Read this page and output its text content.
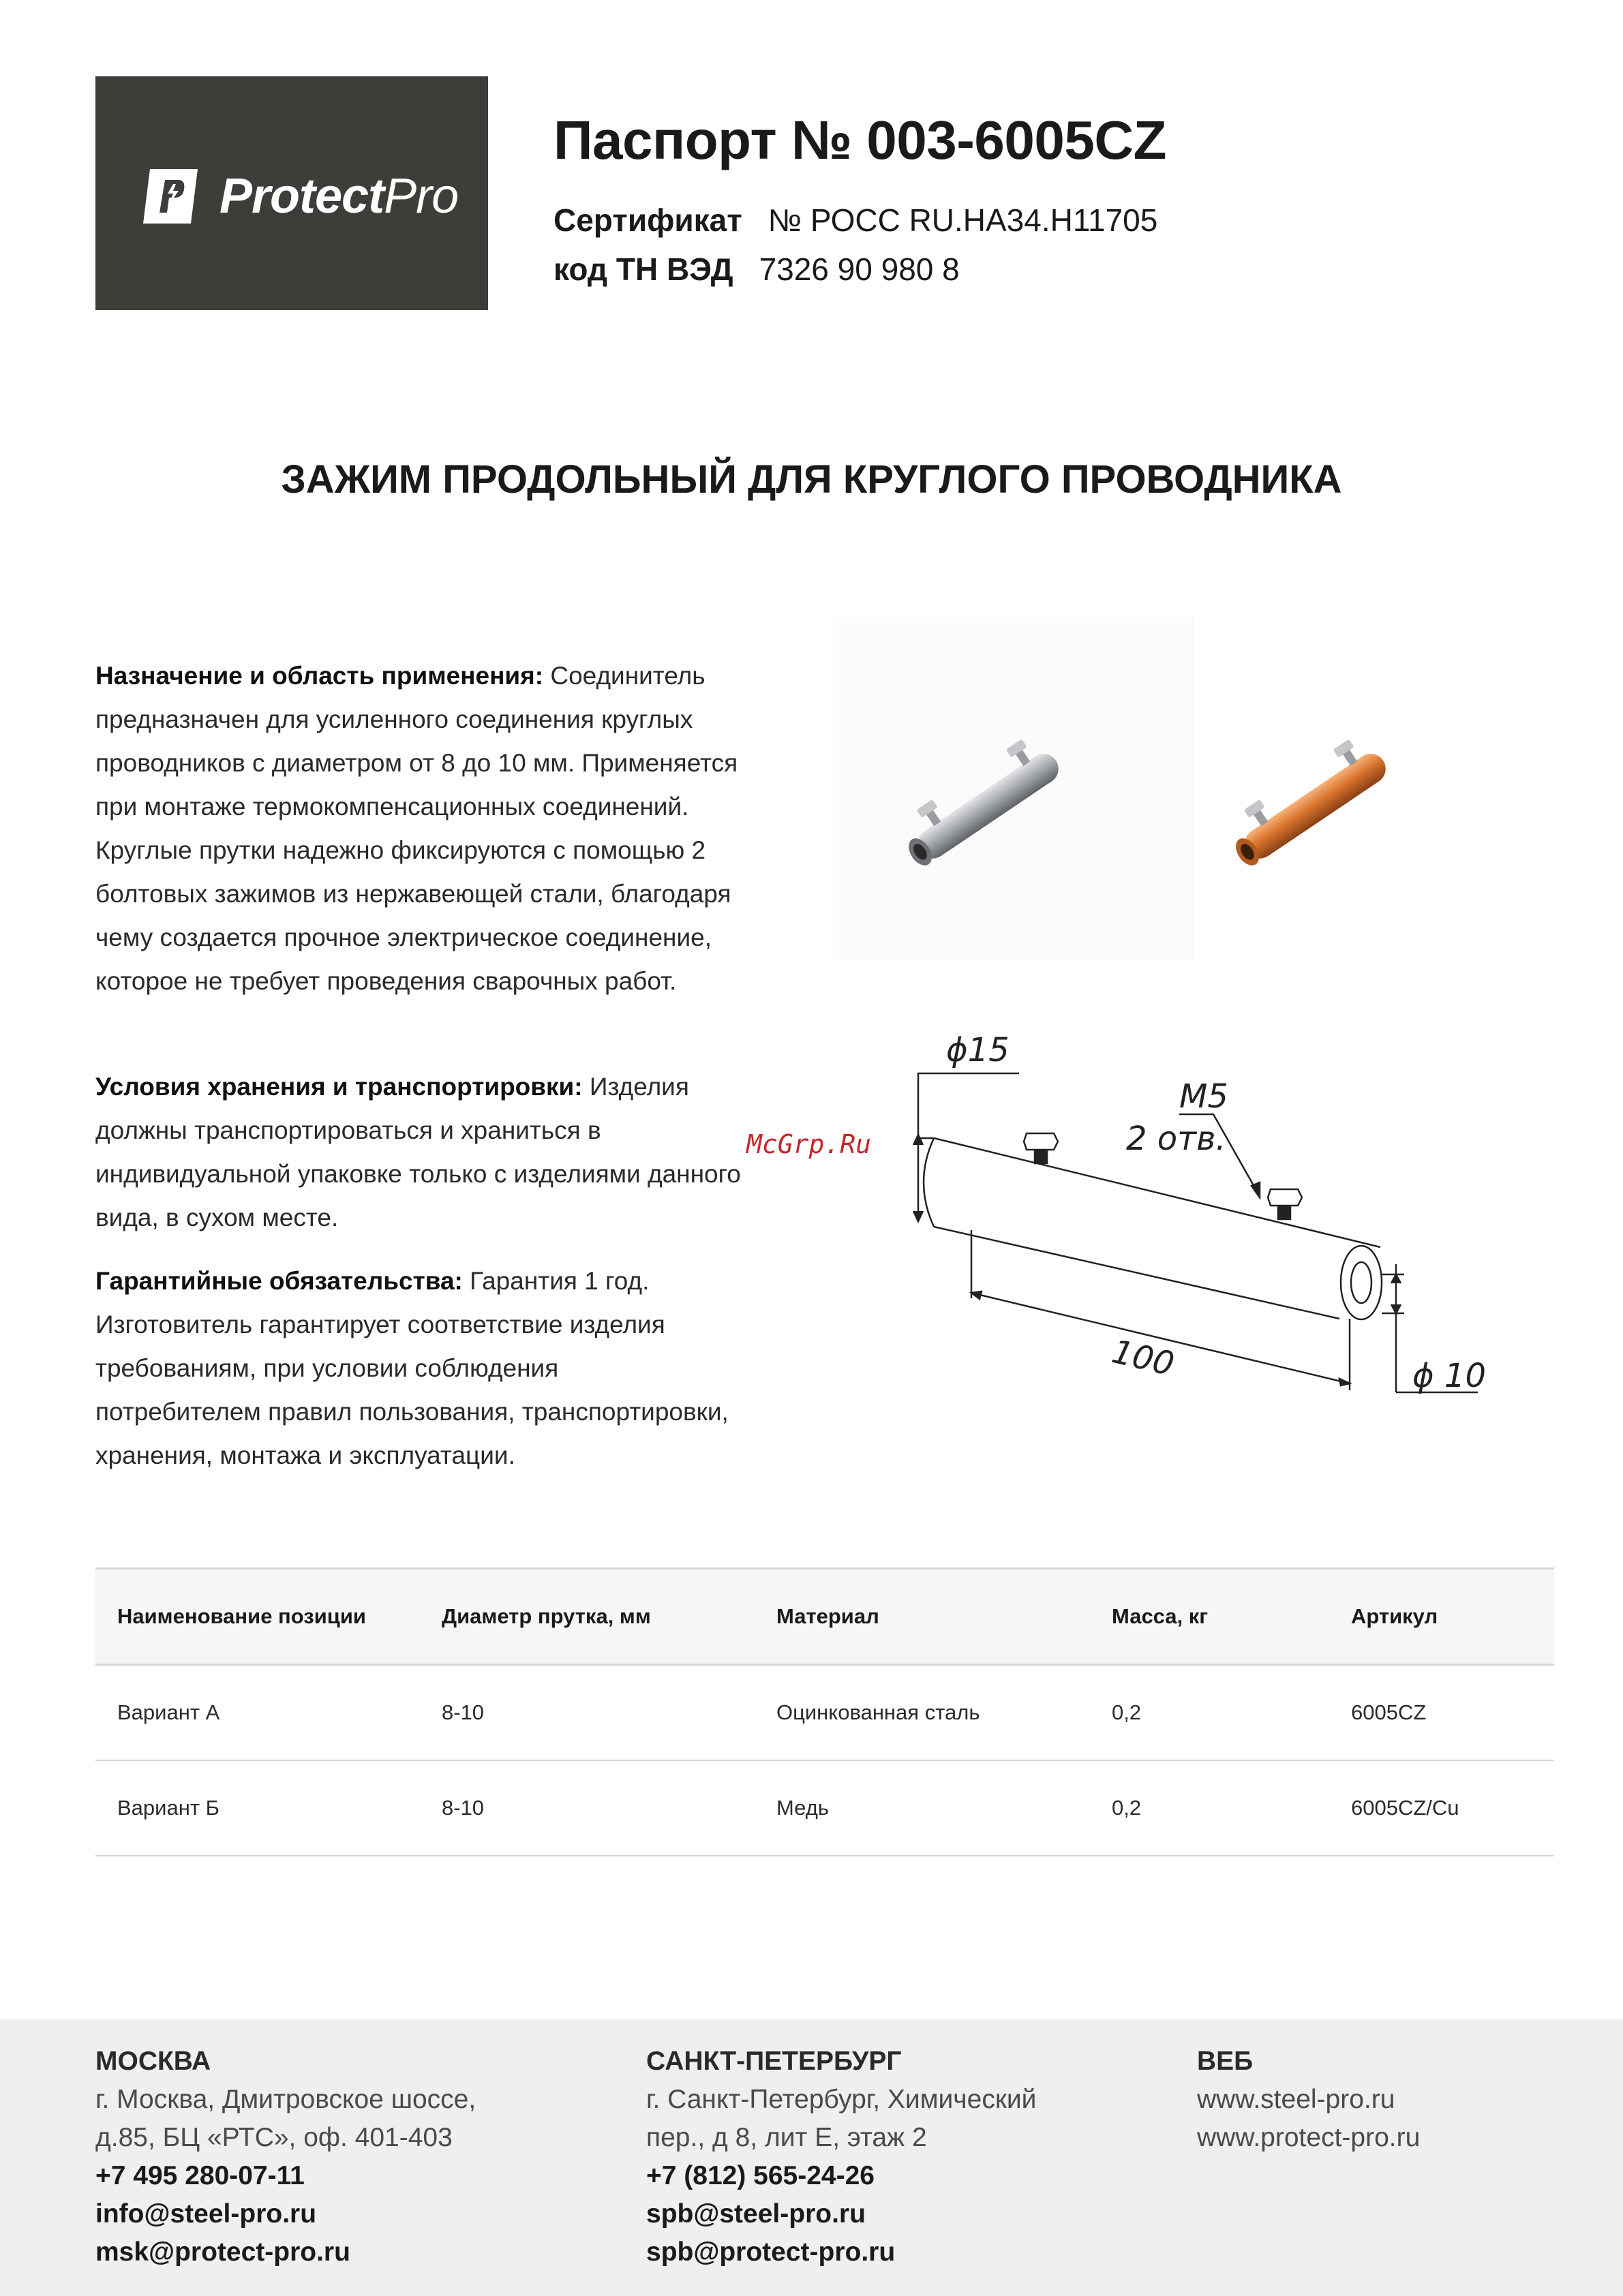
ProtectPro
Паспорт № 003-6005CZ
Сертификат № РОСС RU.HA34.H11705
код ТН ВЭД 7326 90 980 8
ЗАЖИМ ПРОДОЛЬНЫЙ ДЛЯ КРУГЛОГО ПРОВОДНИКА
Назначение и область применения: Соединитель предназначен для усиленного соединения круглых проводников с диаметром от 8 до 10 мм. Применяется при монтаже термокомпенсационных соединений. Круглые прутки надежно фиксируются с помощью 2 болтовых зажимов из нержавеющей стали, благодаря чему создается прочное электрическое соединение, которое не требует проведения сварочных работ.
Условия хранения и транспортировки: Изделия должны транспортироваться и храниться в индивидуальной упаковке только с изделиями данного вида, в сухом месте.
Гарантийные обязательства: Гарантия 1 год. Изготовитель гарантирует соответствие изделия требованиям, при условии соблюдения потребителем правил пользования, транспортировки, хранения, монтажа и эксплуатации.
ϕ15
M5
2 отв.
100	ϕ 10
McGrp.Ru
Наименование позиции	Диаметр прутка, мм	Материал	Масса, кг	Артикул
Вариант А	8-10	Оцинкованная сталь	0,2	6005CZ
Вариант Б	8-10	Медь	0,2	6005CZ/Cu
МОСКВА
г. Москва, Дмитровское шоссе,
д.85, БЦ «РТС», оф. 401-403
+7 495 280-07-11
info@steel-pro.ru
msk@protect-pro.ru
САНКТ-ПЕТЕРБУРГ
г. Санкт-Петербург, Химический
пер., д 8, лит Е, этаж 2
+7 (812) 565-24-26
spb@steel-pro.ru
spb@protect-pro.ru
ВЕБ
www.steel-pro.ru
www.protect-pro.ru
